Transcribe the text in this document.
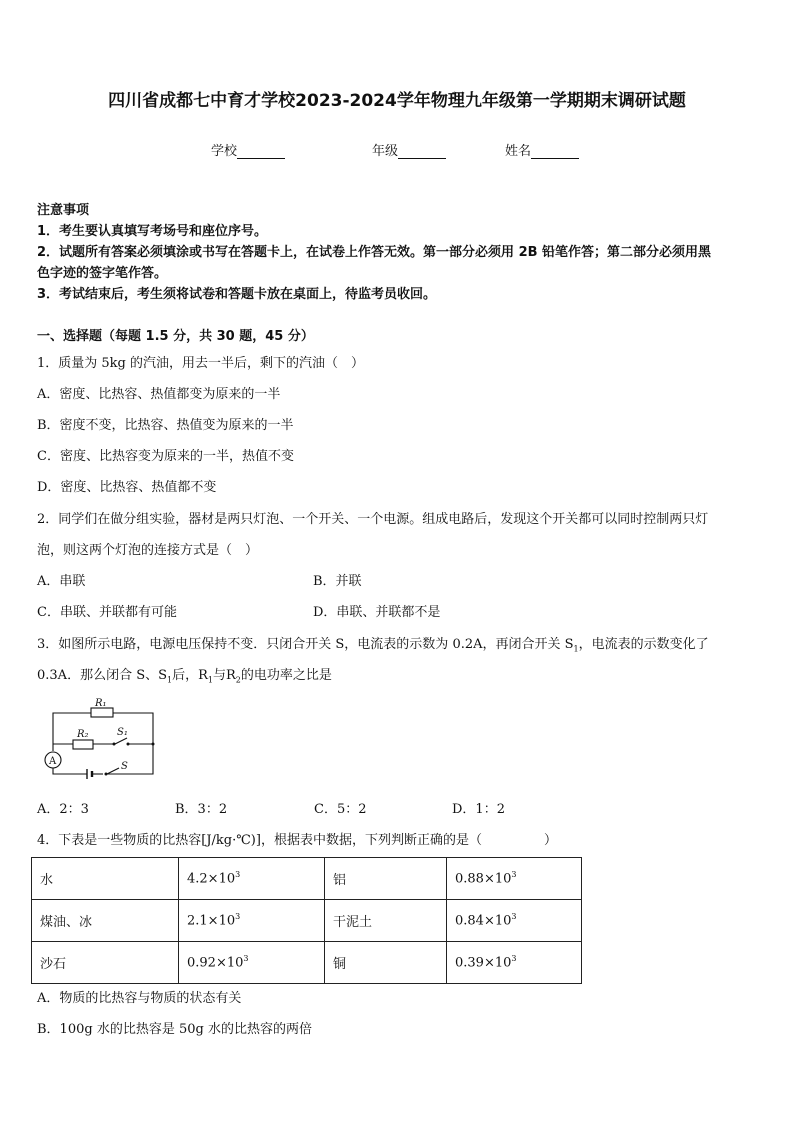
四川省成都七中育才学校2023-2024学年物理九年级第一学期期末调研试题
学校	年级	姓名
注意事项
1．考生要认真填写考场号和座位序号。
2．试题所有答案必须填涂或书写在答题卡上，在试卷上作答无效。第一部分必须用 2B 铅笔作答；第二部分必须用黑
色字迹的签字笔作答。
3．考试结束后，考生须将试卷和答题卡放在桌面上，待监考员收回。
一、选择题（每题 1.5 分，共 30 题，45 分）
1．质量为 5kg 的汽油，用去一半后，剩下的汽油（　）
A．密度、比热容、热值都变为原来的一半
B．密度不变，比热容、热值变为原来的一半
C．密度、比热容变为原来的一半，热值不变
D．密度、比热容、热值都不变
2．同学们在做分组实验，器材是两只灯泡、一个开关、一个电源。组成电路后，发现这个开关都可以同时控制两只灯
泡，则这两个灯泡的连接方式是（　）
A．串联	B．并联
C．串联、并联都有可能	D．串联、并联都不是
3．如图所示电路，电源电压保持不变．只闭合开关 S，电流表的示数为 0.2A，再闭合开关 $S_1$，电流表的示数变化了
0.3A．那么闭合 S、$S_1$后，$R_1$与$R_2$的电功率之比是
R₁
R₂	S₁
S
A
A．2：3	B．3：2	C．5：2	D．1：2
4．下表是一些物质的比热容[J/kg·℃)]，根据表中数据，下列判断正确的是（	）
水	$4.2\times 10^3$	铝	$0.88\times 10^3$
煤油、冰	$2.1\times 10^3$	干泥土	$0.84\times 10^3$
沙石	$0.92\times 10^3$	铜	$0.39\times 10^3$
A．物质的比热容与物质的状态有关
B．100g 水的比热容是 50g 水的比热容的两倍
